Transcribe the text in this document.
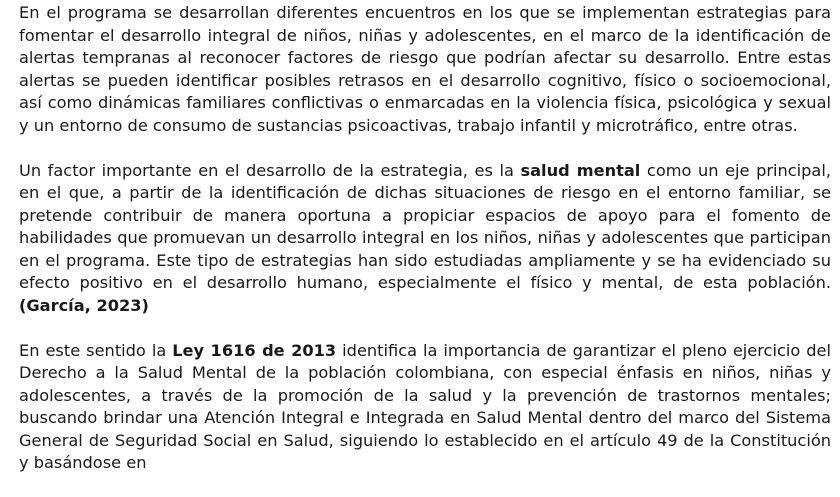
En el programa se desarrollan diferentes encuentros en los que se implementan estrategias para fomentar el desarrollo integral de niños, niñas y adolescentes, en el marco de la identificación de alertas tempranas al reconocer factores de riesgo que podrían afectar su desarrollo. Entre estas alertas se pueden identificar posibles retrasos en el desarrollo cognitivo, físico o socioemocional, así como dinámicas familiares conflictivas o enmarcadas en la violencia física, psicológica y sexual y un entorno de consumo de sustancias psicoactivas, trabajo infantil y microtráfico, entre otras.

Un factor importante en el desarrollo de la estrategia, es la salud mental como un eje principal, en el que, a partir de la identificación de dichas situaciones de riesgo en el entorno familiar, se pretende contribuir de manera oportuna a propiciar espacios de apoyo para el fomento de habilidades que promuevan un desarrollo integral en los niños, niñas y adolescentes que participan en el programa. Este tipo de estrategias han sido estudiadas ampliamente y se ha evidenciado su efecto positivo en el desarrollo humano, especialmente el físico y mental, de esta población. (García, 2023)

En este sentido la Ley 1616 de 2013 identifica la importancia de garantizar el pleno ejercicio del Derecho a la Salud Mental de la población colombiana, con especial énfasis en niños, niñas y adolescentes, a través de la promoción de la salud y la prevención de trastornos mentales; buscando brindar una Atención Integral e Integrada en Salud Mental dentro del marco del Sistema General de Seguridad Social en Salud, siguiendo lo establecido en el artículo 49 de la Constitución y basándose en
